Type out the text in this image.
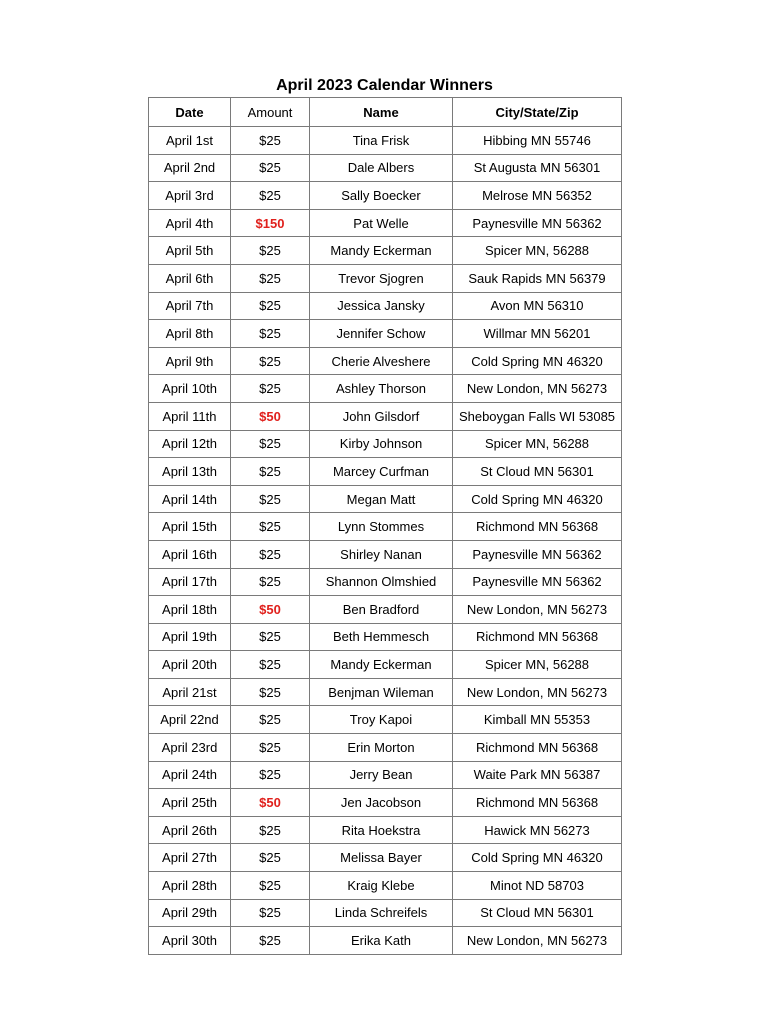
April 2023 Calendar Winners
Date	Amount	Name	City/State/Zip
April 1st	$25	Tina Frisk	Hibbing MN 55746
April 2nd	$25	Dale Albers	St Augusta MN 56301
April 3rd	$25	Sally Boecker	Melrose MN 56352
April 4th	$150	Pat Welle	Paynesville MN 56362
April 5th	$25	Mandy Eckerman	Spicer MN, 56288
April 6th	$25	Trevor Sjogren	Sauk Rapids MN 56379
April 7th	$25	Jessica Jansky	Avon MN 56310
April 8th	$25	Jennifer Schow	Willmar MN 56201
April 9th	$25	Cherie Alveshere	Cold Spring MN 46320
April 10th	$25	Ashley Thorson	New London, MN 56273
April 11th	$50	John Gilsdorf	Sheboygan Falls WI 53085
April 12th	$25	Kirby Johnson	Spicer MN, 56288
April 13th	$25	Marcey Curfman	St Cloud MN 56301
April 14th	$25	Megan Matt	Cold Spring MN 46320
April 15th	$25	Lynn Stommes	Richmond MN 56368
April 16th	$25	Shirley Nanan	Paynesville MN 56362
April 17th	$25	Shannon Olmshied	Paynesville MN 56362
April 18th	$50	Ben Bradford	New London, MN 56273
April 19th	$25	Beth Hemmesch	Richmond MN 56368
April 20th	$25	Mandy Eckerman	Spicer MN, 56288
April 21st	$25	Benjman Wileman	New London, MN 56273
April 22nd	$25	Troy Kapoi	Kimball MN 55353
April 23rd	$25	Erin Morton	Richmond MN 56368
April 24th	$25	Jerry Bean	Waite Park MN 56387
April 25th	$50	Jen Jacobson	Richmond MN 56368
April 26th	$25	Rita Hoekstra	Hawick MN 56273
April 27th	$25	Melissa Bayer	Cold Spring MN 46320
April 28th	$25	Kraig Klebe	Minot ND 58703
April 29th	$25	Linda Schreifels	St Cloud MN 56301
April 30th	$25	Erika Kath	New London, MN 56273
